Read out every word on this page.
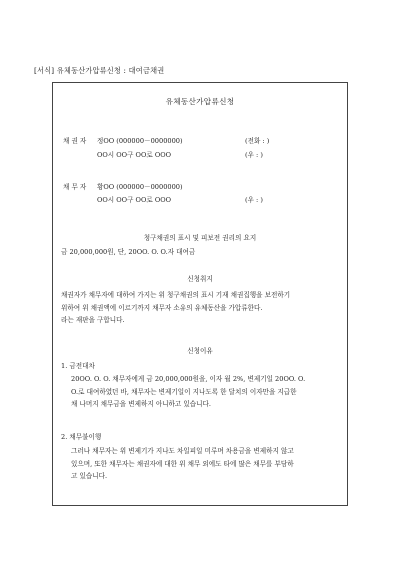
[서식] 유체동산가압류신청 : 대여금채권
유체동산가압류신청
채 권 자 정OO (000000－0000000)	(전화 : )
OO시 OO구 OO로 OOO	(우 : )
채 무 자 황OO (000000－0000000)
OO시 OO구 OO로 OOO	(우 : )
청구채권의 표시 및 피보전 권리의 요지
금 20,000,000원, 단, 20OO. O. O.자 대여금
신청취지
채권자가 채무자에 대하여 가지는 위 청구채권의 표시 기재 채권집행을 보전하기
위하여 위 채권액에 이르기까지 채무자 소유의 유체동산을 가압류한다.
라는 재판을 구합니다.
신청이유
1. 금전대차
20OO. O. O. 채무자에게 금 20,000,000원을, 이자 월 2%, 변제기일 20OO. O.
O.로 대여하였던 바, 채무자는 변제기일이 지나도록 한 달치의 이자만을 지급한
채 나머지 채무금을 변제하지 아니하고 있습니다.
2. 채무불이행
그러나 채무자는 위 변제기가 지나도 차일피일 미루며 차용금을 변제하지 않고
있으며, 또한 채무자는 채권자에 대한 위 채무 외에도 타에 많은 채무를 부담하
고 있습니다.
